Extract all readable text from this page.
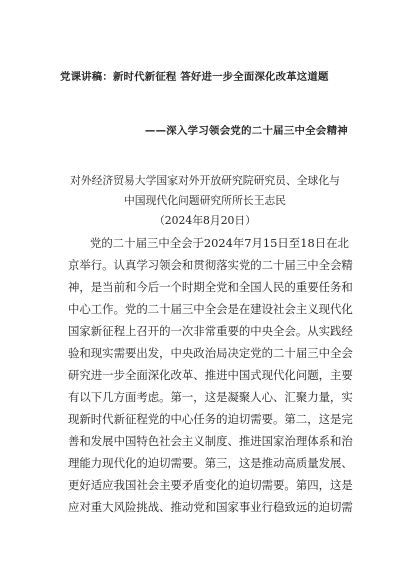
党课讲稿：新时代新征程 答好进一步全面深化改革这道题
——深入学习领会党的二十届三中全会精神
对外经济贸易大学国家对外开放研究院研究员、全球化与
中国现代化问题研究所所长王志民
（2024年8月20日）
党的二十届三中全会于2024年7月15日至18日在北
京举行。认真学习领会和贯彻落实党的二十届三中全会精
神，是当前和今后一个时期全党和全国人民的重要任务和
中心工作。党的二十届三中全会是在建设社会主义现代化
国家新征程上召开的一次非常重要的中央全会。从实践经
验和现实需要出发，中央政治局决定党的二十届三中全会
研究进一步全面深化改革、推进中国式现代化问题，主要
有以下几方面考虑。第一，这是凝聚人心、汇聚力量，实
现新时代新征程党的中心任务的迫切需要。第二，这是完
善和发展中国特色社会主义制度、推进国家治理体系和治
理能力现代化的迫切需要。第三，这是推动高质量发展、
更好适应我国社会主要矛盾变化的迫切需要。第四，这是
应对重大风险挑战、推动党和国家事业行稳致远的迫切需
